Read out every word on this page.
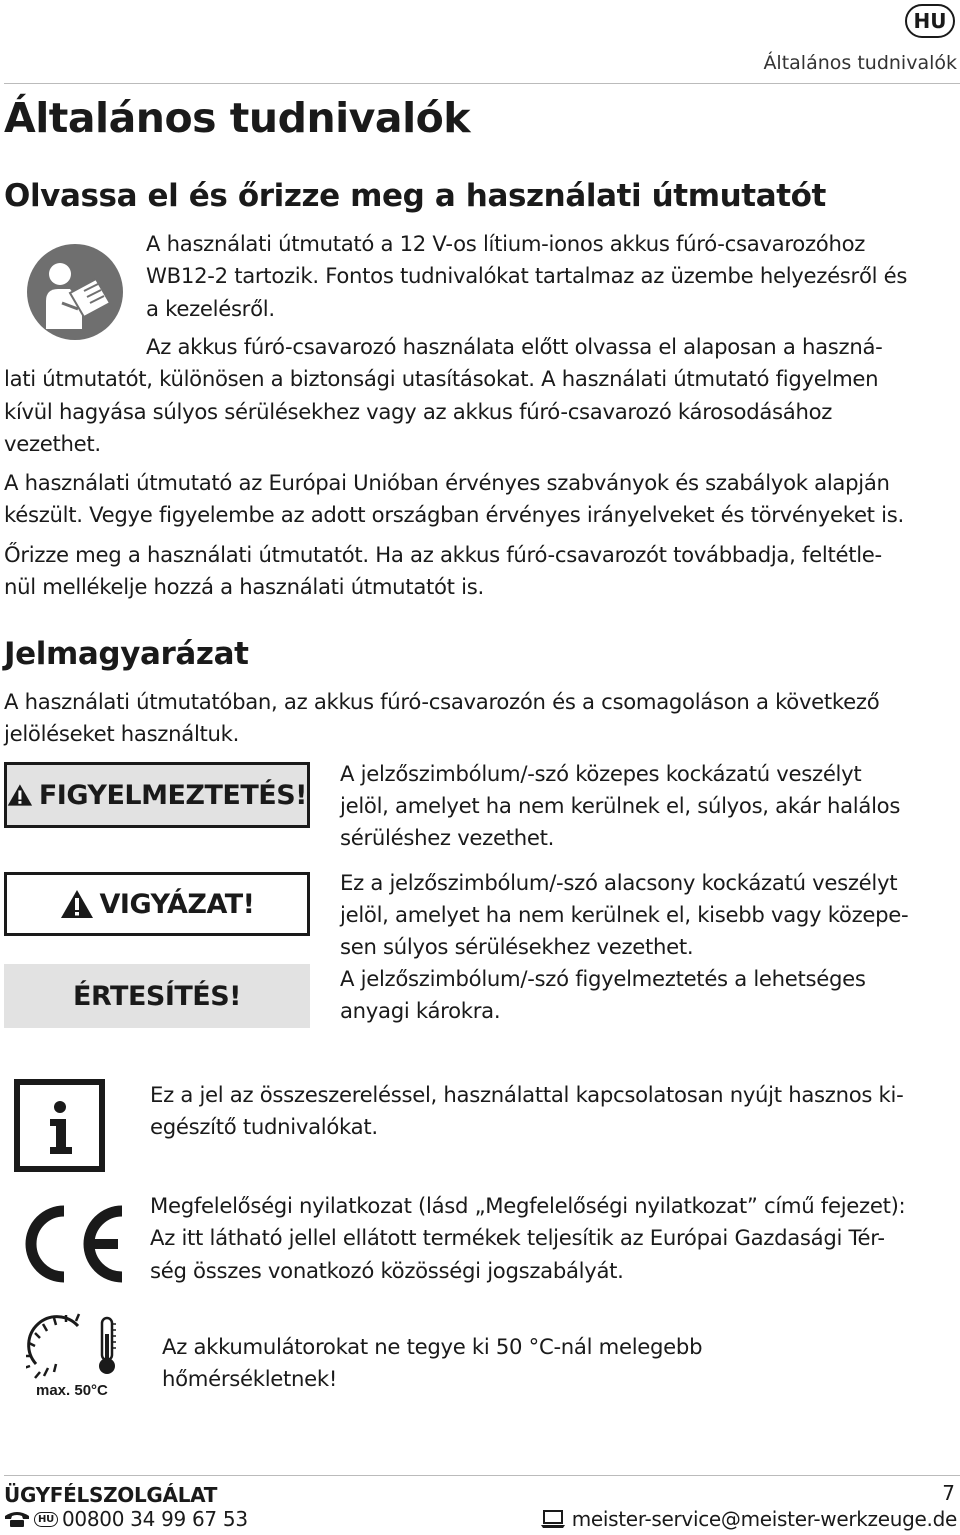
HU
Általános tudnivalók
Általános tudnivalók
Olvassa el és őrizze meg a használati útmutatót

A használati útmutató a 12 V-os lítium-ionos akkus fúró-csavarozóhoz

WB12-2 tartozik. Fontos tudnivalókat tartalmaz az üzembe helyezésről és

a kezelésről.

Az akkus fúró-csavarozó használata előtt olvassa el alaposan a haszná-

lati útmutatót, különösen a biztonsági utasításokat. A használati útmutató figyelmen

kívül hagyása súlyos sérülésekhez vagy az akkus fúró-csavarozó károsodásához

vezethet.

A használati útmutató az Európai Unióban érvényes szabványok és szabályok alapján

készült. Vegye figyelembe az adott országban érvényes irányelveket és törvényeket is.

Őrizze meg a használati útmutatót. Ha az akkus fúró-csavarozót továbbadja, feltétle-

nül mellékelje hozzá a használati útmutatót is.

Jelmagyarázat

A használati útmutatóban, az akkus fúró-csavarozón és a csomagoláson a következő

jelöléseket használtuk.

FIGYELMEZTETÉS!

A jelzőszimbólum/-szó közepes kockázatú veszélyt

jelöl, amelyet ha nem kerülnek el, súlyos, akár halálos

sérüléshez vezethet.

VIGYÁZAT!

Ez a jelzőszimbólum/-szó alacsony kockázatú veszélyt

jelöl, amelyet ha nem kerülnek el, kisebb vagy közepe-

sen súlyos sérülésekhez vezethet.

ÉRTESÍTÉS!

A jelzőszimbólum/-szó figyelmeztetés a lehetséges

anyagi károkra.

Ez a jel az összeszereléssel, használattal kapcsolatosan nyújt hasznos ki-

egészítő tudnivalókat.

Megfelelőségi nyilatkozat (lásd „Megfelelőségi nyilatkozat” című fejezet):

Az itt látható jellel ellátott termékek teljesítik az Európai Gazdasági Tér-

ség összes vonatkozó közösségi jogszabályát.

max. 50°C

Az akkumulátorokat ne tegye ki 50 °C-nál melegebb

hőmérsékletnek!

ÜGYFÉLSZOLGÁLAT	7
HU 00800 34 99 67 53	meister-service@meister-werkzeuge.de
